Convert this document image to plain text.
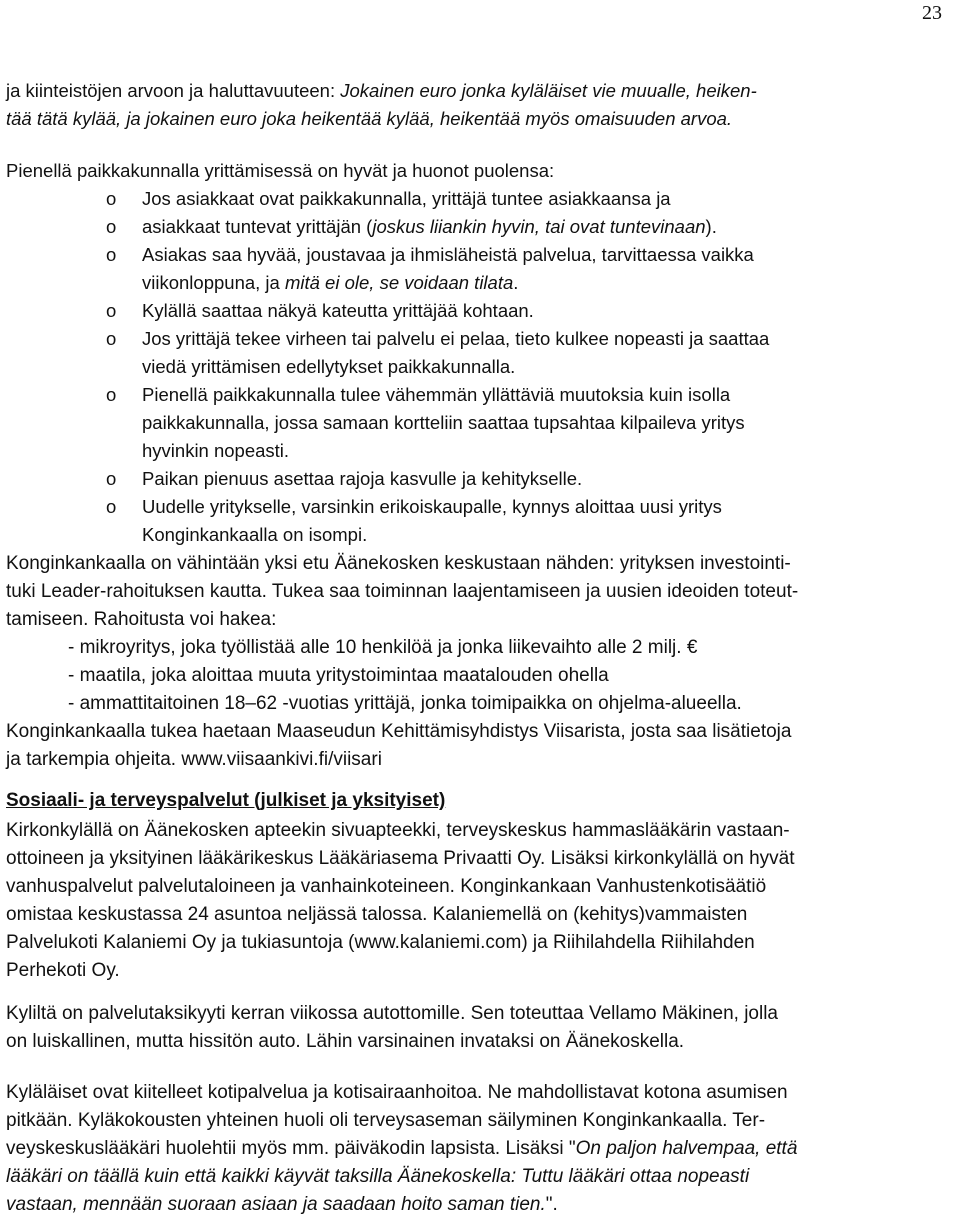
23
ja kiinteistöjen arvoon ja haluttavuuteen: Jokainen euro jonka kyläläiset vie muualle, heiken-
tää tätä kylää, ja jokainen euro joka heikentää kylää, heikentää myös omaisuuden arvoa.
Pienellä paikkakunnalla yrittämisessä on hyvät ja huonot puolensa:
o Jos asiakkaat ovat paikkakunnalla, yrittäjä tuntee asiakkaansa ja
o asiakkaat tuntevat yrittäjän (joskus liiankin hyvin, tai ovat tuntevinaan).
o Asiakas saa hyvää, joustavaa ja ihmisläheistä palvelua, tarvittaessa vaikka
viikonloppuna, ja mitä ei ole, se voidaan tilata.
o Kylällä saattaa näkyä kateutta yrittäjää kohtaan.
o Jos yrittäjä tekee virheen tai palvelu ei pelaa, tieto kulkee nopeasti ja saattaa
viedä yrittämisen edellytykset paikkakunnalla.
o Pienellä paikkakunnalla tulee vähemmän yllättäviä muutoksia kuin isolla
paikkakunnalla, jossa samaan kortteliin saattaa tupsahtaa kilpaileva yritys
hyvinkin nopeasti.
o Paikan pienuus asettaa rajoja kasvulle ja kehitykselle.
o Uudelle yritykselle, varsinkin erikoiskaupalle, kynnys aloittaa uusi yritys
Konginkankaalla on isompi.
Konginkankaalla on vähintään yksi etu Äänekosken keskustaan nähden: yrityksen investointi-
tuki Leader-rahoituksen kautta. Tukea saa toiminnan laajentamiseen ja uusien ideoiden toteut-
tamiseen. Rahoitusta voi hakea:
- mikroyritys, joka työllistää alle 10 henkilöä ja jonka liikevaihto alle 2 milj. €
- maatila, joka aloittaa muuta yritystoimintaa maatalouden ohella
- ammattitaitoinen 18–62 -vuotias yrittäjä, jonka toimipaikka on ohjelma-alueella.
Konginkankaalla tukea haetaan Maaseudun Kehittämisyhdistys Viisarista, josta saa lisätietoja
ja tarkempia ohjeita. www.viisaankivi.fi/viisari
Sosiaali- ja terveyspalvelut (julkiset ja yksityiset)
Kirkonkylällä on Äänekosken apteekin sivuapteekki, terveyskeskus hammaslääkärin vastaan-
ottoineen ja yksityinen lääkärikeskus Lääkäriasema Privaatti Oy. Lisäksi kirkonkylällä on hyvät
vanhuspalvelut palvelutaloineen ja vanhainkoteineen. Konginkankaan Vanhustenkotisäätiö
omistaa keskustassa 24 asuntoa neljässä talossa. Kalaniemellä on (kehitys)vammaisten
Palvelukoti Kalaniemi Oy ja tukiasuntoja (www.kalaniemi.com) ja Riihilahdella Riihilahden
Perhekoti Oy.
Kyliltä on palvelutaksikyyti kerran viikossa autottomille. Sen toteuttaa Vellamo Mäkinen, jolla
on luiskallinen, mutta hissitön auto. Lähin varsinainen invataksi on Äänekoskella.
Kyläläiset ovat kiitelleet kotipalvelua ja kotisairaanhoitoa. Ne mahdollistavat kotona asumisen
pitkään. Kyläkokousten yhteinen huoli oli terveysaseman säilyminen Konginkankaalla. Ter-
veyskeskuslääkäri huolehtii myös mm. päiväkodin lapsista. Lisäksi "On paljon halvempaa, että
lääkäri on täällä kuin että kaikki käyvät taksilla Äänekoskella: Tuttu lääkäri ottaa nopeasti
vastaan, mennään suoraan asiaan ja saadaan hoito saman tien.".
